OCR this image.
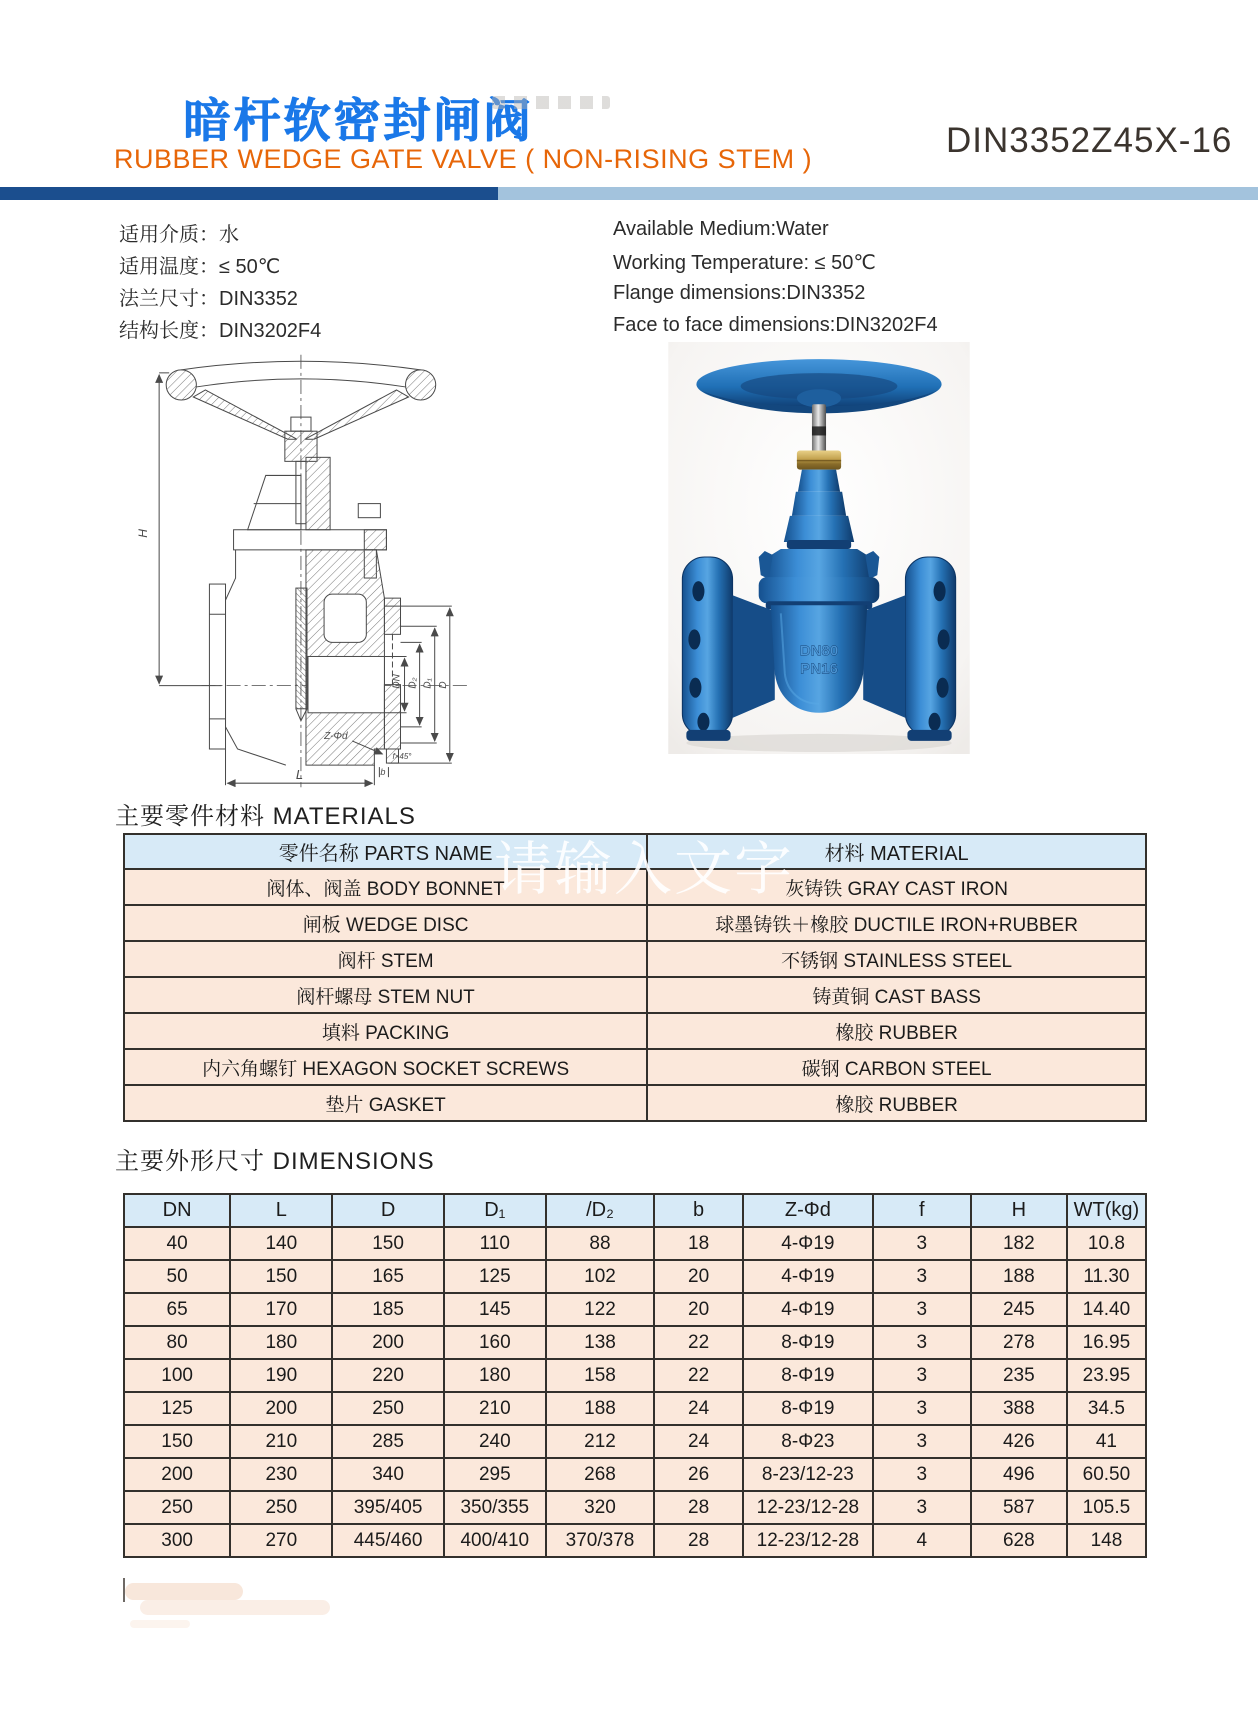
暗杆软密封闸阀	DIN3352Z45X-16
RUBBER WEDGE GATE VALVE ( NON-RISING STEM )
适用介质：水
适用温度：≤ 50℃
法兰尺寸：DIN3352
结构长度：DIN3202F4
Available Medium:Water
Working Temperature: ≤ 50℃
Flange dimensions:DIN3352
Face to face dimensions:DIN3202F4
H
DN D₂ D₁ D
L
Z-Φd
b
f×45°
DN80
PN16
主要零件材料 MATERIALS
请输入文字
零件名称 PARTS NAME	材料 MATERIAL
阀体、阀盖 BODY BONNET	灰铸铁 GRAY CAST IRON
闸板 WEDGE DISC	球墨铸铁＋橡胶 DUCTILE IRON+RUBBER
阀杆 STEM	不锈钢 STAINLESS STEEL
阀杆螺母 STEM NUT	铸黄铜 CAST BASS
填料 PACKING	橡胶 RUBBER
内六角螺钉 HEXAGON SOCKET SCREWS	碳钢 CARBON STEEL
垫片 GASKET	橡胶 RUBBER
主要外形尺寸 DIMENSIONS
DN	L	D	D₁	/D₂	b	Z-Φd	f	H	WT(kg)
40	140	150	110	88	18	4-Φ19	3	182	10.8
50	150	165	125	102	20	4-Φ19	3	188	11.30
65	170	185	145	122	20	4-Φ19	3	245	14.40
80	180	200	160	138	22	8-Φ19	3	278	16.95
100	190	220	180	158	22	8-Φ19	3	235	23.95
125	200	250	210	188	24	8-Φ19	3	388	34.5
150	210	285	240	212	24	8-Φ23	3	426	41
200	230	340	295	268	26	8-23/12-23	3	496	60.50
250	250	395/405	350/355	320	28	12-23/12-28	3	587	105.5
300	270	445/460	400/410	370/378	28	12-23/12-28	4	628	148
